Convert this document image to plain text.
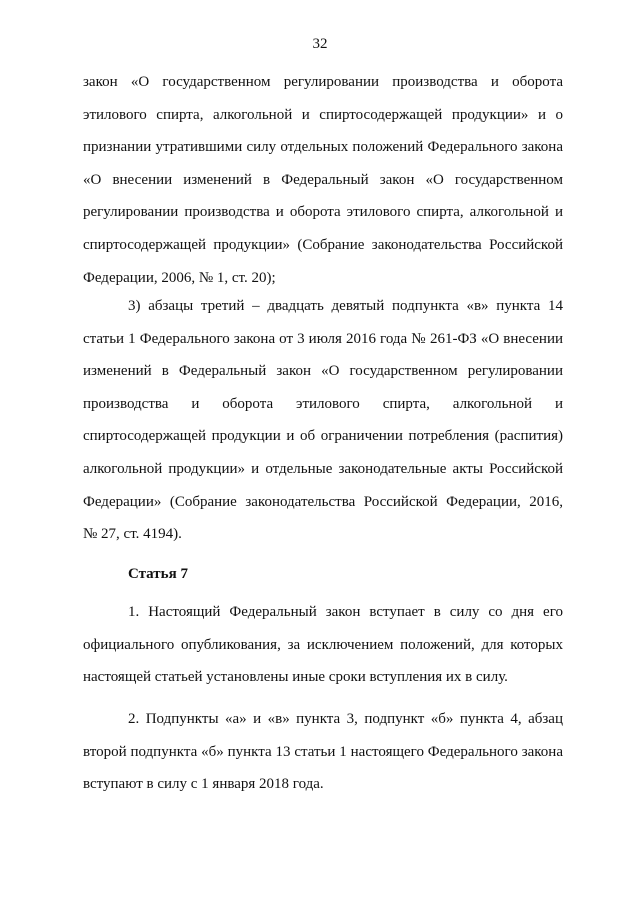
32
закон «О государственном регулировании производства и оборота
этилового спирта, алкогольной и спиртосодержащей продукции» и о
признании утратившими силу отдельных положений Федерального закона
«О внесении изменений в Федеральный закон «О государственном
регулировании производства и оборота этилового спирта, алкогольной и
спиртосодержащей продукции» (Собрание законодательства Российской
Федерации, 2006, № 1, ст. 20);
3) абзацы третий – двадцать девятый подпункта «в» пункта 14
статьи 1 Федерального закона от 3 июля 2016 года № 261-ФЗ «О внесении
изменений в Федеральный закон «О государственном регулировании
производства и оборота этилового спирта, алкогольной и
спиртосодержащей продукции и об ограничении потребления (распития)
алкогольной продукции» и отдельные законодательные акты Российской
Федерации» (Собрание законодательства Российской Федерации, 2016,
№ 27, ст. 4194).
Статья 7
1. Настоящий Федеральный закон вступает в силу со дня его
официального опубликования, за исключением положений, для которых
настоящей статьей установлены иные сроки вступления их в силу.
2. Подпункты «а» и «в» пункта 3, подпункт «б» пункта 4, абзац
второй подпункта «б» пункта 13 статьи 1 настоящего Федерального закона
вступают в силу с 1 января 2018 года.
